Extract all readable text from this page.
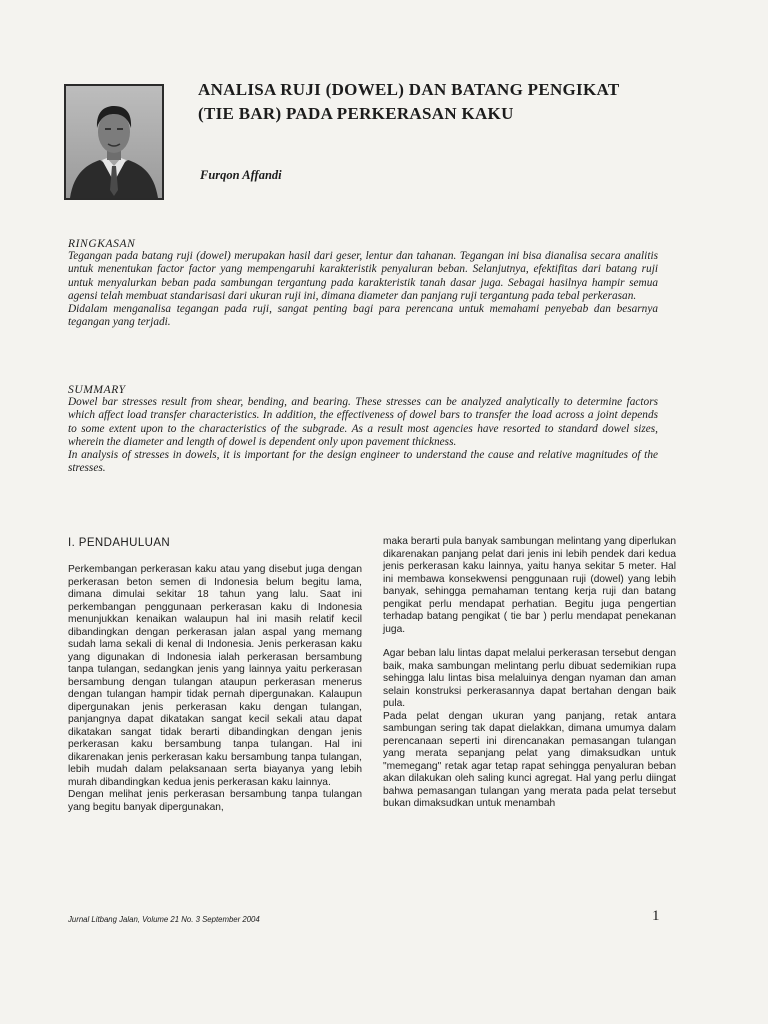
ANALISA RUJI (DOWEL) DAN BATANG PENGIKAT
(TIE BAR) PADA PERKERASAN KAKU
Furqon Affandi
RINGKASAN

Tegangan pada batang ruji (dowel) merupakan hasil dari geser, lentur dan tahanan. Tegangan ini bisa dianalisa secara analitis untuk menentukan factor factor yang mempengaruhi karakteristik penyaluran beban. Selanjutnya, efektifitas dari batang ruji untuk menyalurkan beban pada sambungan tergantung pada karakteristik tanah dasar juga. Sebagai hasilnya hampir semua agensi telah membuat standarisasi dari ukuran ruji ini, dimana diameter dan panjang ruji tergantung pada tebal perkerasan.

Didalam menganalisa tegangan pada ruji, sangat penting bagi para perencana untuk memahami penyebab dan besarnya tegangan yang terjadi.

SUMMARY

Dowel bar stresses result from shear, bending, and bearing. These stresses can be analyzed analytically to determine factors which affect load transfer characteristics. In addition, the effectiveness of dowel bars to transfer the load across a joint depends to some extent upon to the characteristics of the subgrade. As a result most agencies have resorted to standard dowel sizes, wherein the diameter and length of dowel is dependent only upon pavement thickness.

In analysis of stresses in dowels, it is important for the design engineer to understand the cause and relative magnitudes of the stresses.

I. PENDAHULUAN

Perkembangan perkerasan kaku atau yang disebut juga dengan perkerasan beton semen di Indonesia belum begitu lama, dimana dimulai sekitar 18 tahun yang lalu. Saat ini perkembangan penggunaan perkerasan kaku di Indonesia menunjukkan kenaikan walaupun hal ini masih relatif kecil dibandingkan dengan perkerasan jalan aspal yang memang sudah lama sekali di kenal di Indonesia. Jenis perkerasan kaku yang digunakan di Indonesia ialah perkerasan bersambung tanpa tulangan, sedangkan jenis yang lainnya yaitu perkerasan bersambung dengan tulangan ataupun perkerasan menerus dengan tulangan hampir tidak pernah dipergunakan. Kalaupun dipergunakan jenis perkerasan kaku dengan tulangan, panjangnya dapat dikatakan sangat kecil sekali atau dapat dikatakan sangat tidak berarti dibandingkan dengan jenis perkerasan kaku bersambung tanpa tulangan. Hal ini dikarenakan jenis perkerasan kaku bersambung tanpa tulangan, lebih mudah dalam pelaksanaan serta biayanya yang lebih murah dibandingkan kedua jenis perkerasan kaku lainnya.

Dengan melihat jenis perkerasan bersambung tanpa tulangan yang begitu banyak dipergunakan,

maka berarti pula banyak sambungan melintang yang diperlukan dikarenakan panjang pelat dari jenis ini lebih pendek dari kedua jenis perkerasan kaku lainnya, yaitu hanya sekitar 5 meter. Hal ini membawa konsekwensi penggunaan ruji (dowel) yang lebih banyak, sehingga pemahaman tentang kerja ruji dan batang pengikat perlu mendapat perhatian. Begitu juga pengertian terhadap batang pengikat ( tie bar ) perlu mendapat penekanan juga.

Agar beban lalu lintas dapat melalui perkerasan tersebut dengan baik, maka sambungan melintang perlu dibuat sedemikian rupa sehingga lalu lintas bisa melaluinya dengan nyaman dan aman selain konstruksi perkerasannya dapat bertahan dengan baik pula.

Pada pelat dengan ukuran yang panjang, retak antara sambungan sering tak dapat dielakkan, dimana umumya dalam perencanaan seperti ini direncanakan pemasangan tulangan yang merata sepanjang pelat yang dimaksudkan untuk "memegang" retak agar tetap rapat sehingga penyaluran beban akan dilakukan oleh saling kunci agregat. Hal yang perlu diingat bahwa pemasangan tulangan yang merata pada pelat tersebut bukan dimaksudkan untuk menambah

Jurnal Litbang Jalan, Volume 21 No. 3 September 2004	1
